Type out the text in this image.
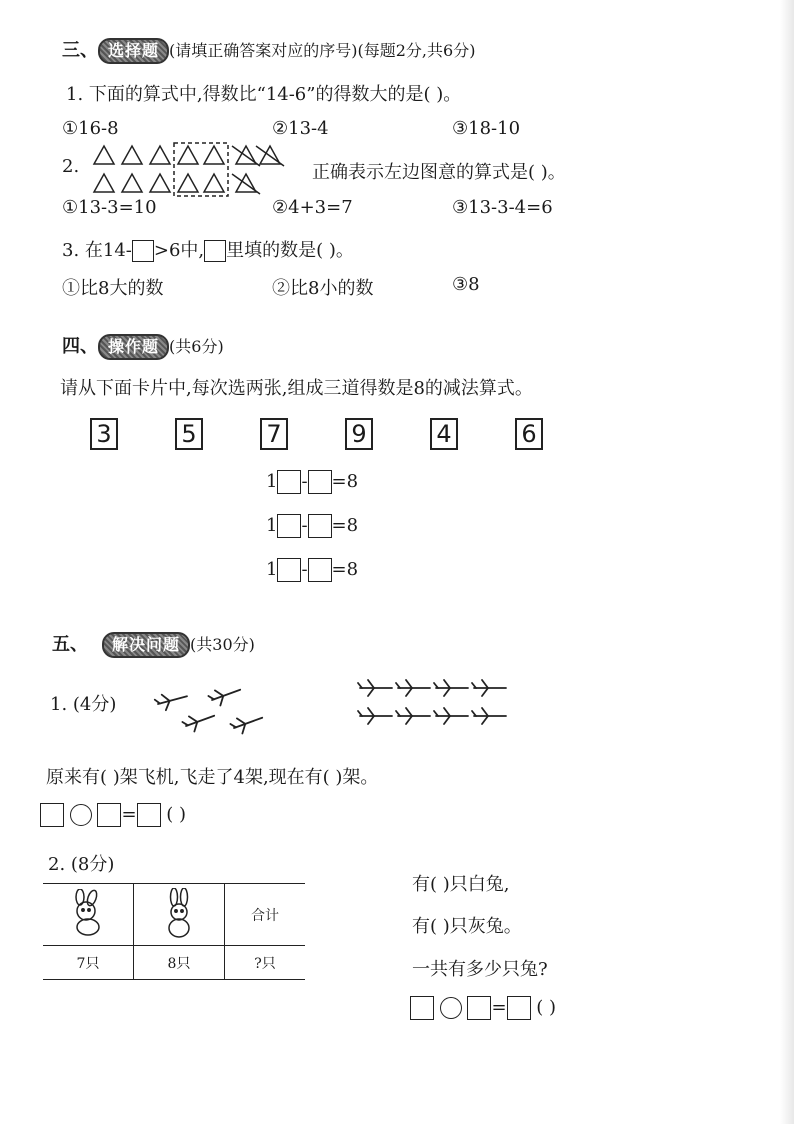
三、 选择题 (请填正确答案对应的序号)(每题2分,共6分)
1. 下面的算式中,得数比“14-6”的得数大的是( )。
①16-8	②13-4	③18-10
2.	正确表示左边图意的算式是( )。
①13-3=10	②4+3=7	③13-3-4=6
3. 在14- >6中, 里填的数是( )。
①比8大的数	②比8小的数	③8
四、 操作题 (共6分)
请从下面卡片中,每次选两张,组成三道得数是8的减法算式。
3	5	7	9	4	6
1 - =8
1 - =8
1 - =8
五、 解决问题 (共30分)
1. (4分)
原来有( )架飞机,飞走了4架,现在有( )架。
= ( )
2. (8分)
		合计
7只	8只	?只
有( )只白兔,
有( )只灰兔。
一共有多少只兔?
= ( )
